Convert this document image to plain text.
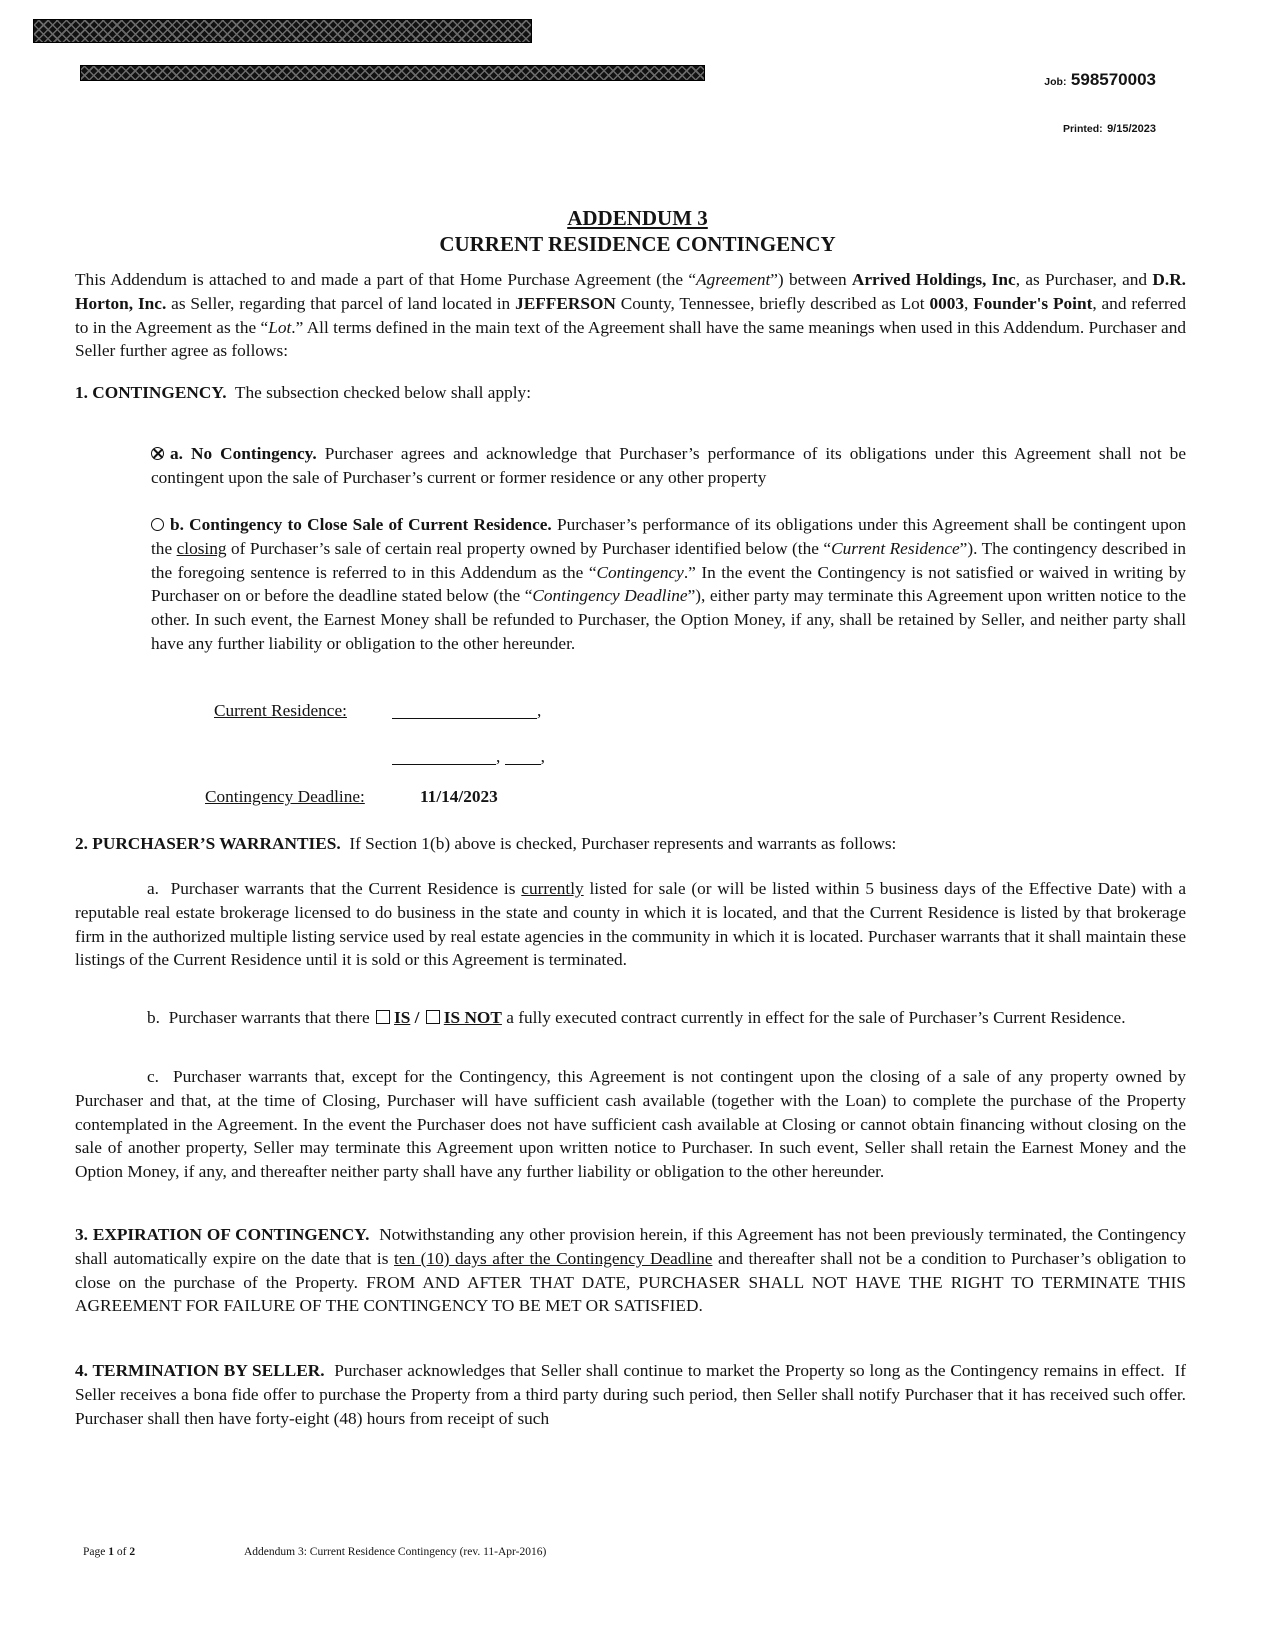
Job: 598570003
Printed: 9/15/2023
ADDENDUM 3
CURRENT RESIDENCE CONTINGENCY
This Addendum is attached to and made a part of that Home Purchase Agreement (the “Agreement”) between Arrived Holdings, Inc, as Purchaser, and D.R. Horton, Inc. as Seller, regarding that parcel of land located in JEFFERSON County, Tennessee, briefly described as Lot 0003, Founder's Point, and referred to in the Agreement as the “Lot.” All terms defined in the main text of the Agreement shall have the same meanings when used in this Addendum. Purchaser and Seller further agree as follows:
1. CONTINGENCY. The subsection checked below shall apply:
a. No Contingency. Purchaser agrees and acknowledge that Purchaser’s performance of its obligations under this Agreement shall not be contingent upon the sale of Purchaser’s current or former residence or any other property
b. Contingency to Close Sale of Current Residence. Purchaser’s performance of its obligations under this Agreement shall be contingent upon the closing of Purchaser’s sale of certain real property owned by Purchaser identified below (the “Current Residence”). The contingency described in the foregoing sentence is referred to in this Addendum as the “Contingency.” In the event the Contingency is not satisfied or waived in writing by Purchaser on or before the deadline stated below (the “Contingency Deadline”), either party may terminate this Agreement upon written notice to the other. In such event, the Earnest Money shall be refunded to Purchaser, the Option Money, if any, shall be retained by Seller, and neither party shall have any further liability or obligation to the other hereunder.
Current Residence:	,
, ,
Contingency Deadline:	11/14/2023
2. PURCHASER’S WARRANTIES. If Section 1(b) above is checked, Purchaser represents and warrants as follows:
a.  Purchaser warrants that the Current Residence is currently listed for sale (or will be listed within 5 business days of the Effective Date) with a reputable real estate brokerage licensed to do business in the state and county in which it is located, and that the Current Residence is listed by that brokerage firm in the authorized multiple listing service used by real estate agencies in the community in which it is located. Purchaser warrants that it shall maintain these listings of the Current Residence until it is sold or this Agreement is terminated.
b.  Purchaser warrants that there IS / IS NOT a fully executed contract currently in effect for the sale of Purchaser’s Current Residence.
c.  Purchaser warrants that, except for the Contingency, this Agreement is not contingent upon the closing of a sale of any property owned by Purchaser and that, at the time of Closing, Purchaser will have sufficient cash available (together with the Loan) to complete the purchase of the Property contemplated in the Agreement. In the event the Purchaser does not have sufficient cash available at Closing or cannot obtain financing without closing on the sale of another property, Seller may terminate this Agreement upon written notice to Purchaser. In such event, Seller shall retain the Earnest Money and the Option Money, if any, and thereafter neither party shall have any further liability or obligation to the other hereunder.
3. EXPIRATION OF CONTINGENCY.  Notwithstanding any other provision herein, if this Agreement has not been previously terminated, the Contingency shall automatically expire on the date that is ten (10) days after the Contingency Deadline and thereafter shall not be a condition to Purchaser’s obligation to close on the purchase of the Property. FROM AND AFTER THAT DATE, PURCHASER SHALL NOT HAVE THE RIGHT TO TERMINATE THIS AGREEMENT FOR FAILURE OF THE CONTINGENCY TO BE MET OR SATISFIED.
4. TERMINATION BY SELLER.  Purchaser acknowledges that Seller shall continue to market the Property so long as the Contingency remains in effect.  If Seller receives a bona fide offer to purchase the Property from a third party during such period, then Seller shall notify Purchaser that it has received such offer. Purchaser shall then have forty-eight (48) hours from receipt of such
Page 1 of 2	Addendum 3: Current Residence Contingency (rev. 11-Apr-2016)
